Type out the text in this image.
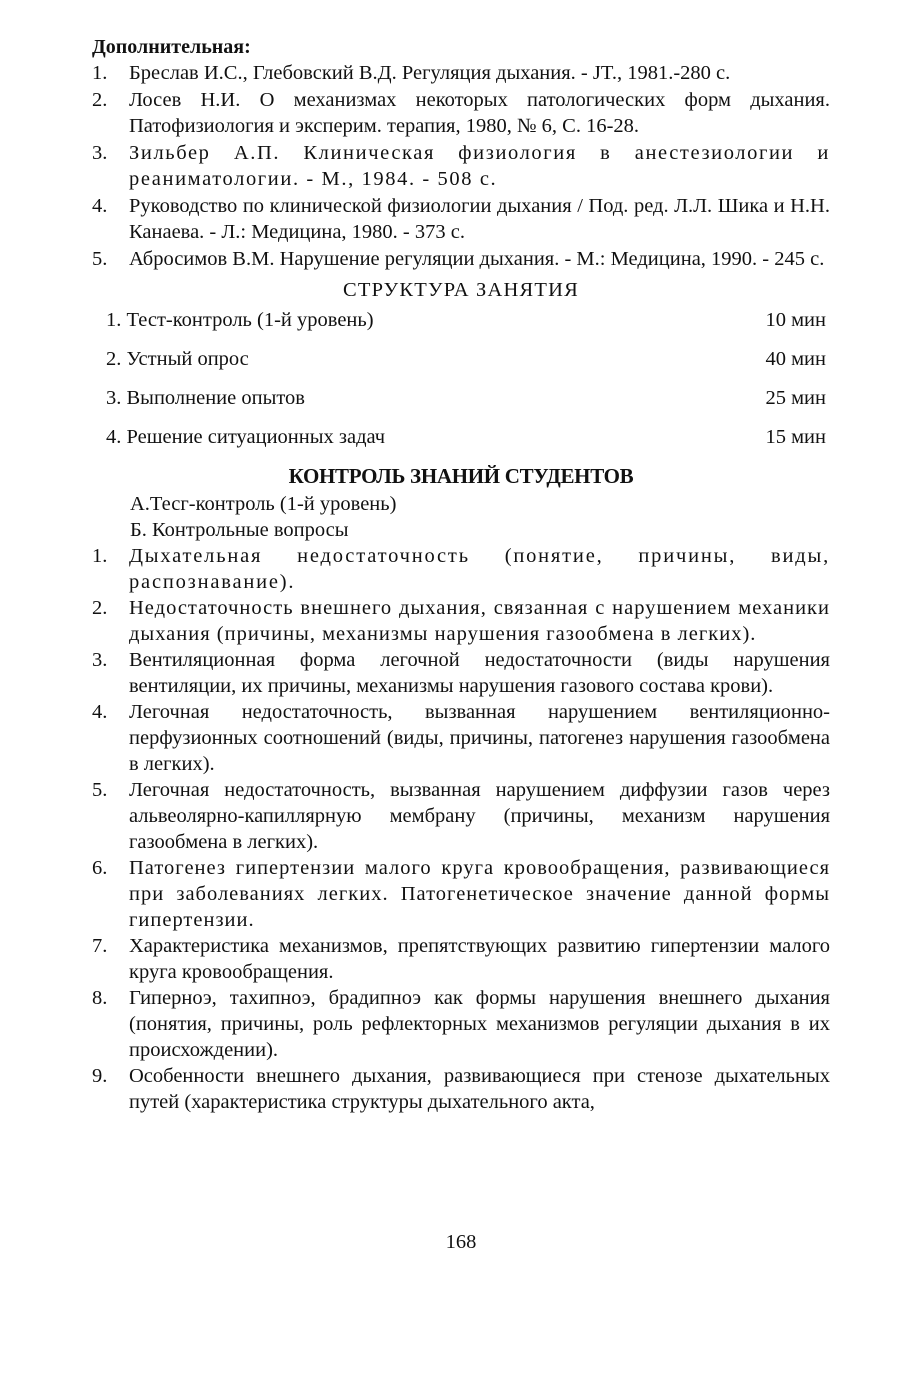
Дополнительная:

1.	Бреслав И.С., Глебовский В.Д. Регуляция дыхания. - JT., 1981.-280 с.
2.	Лосев Н.И. О механизмах некоторых патологических форм дыхания. Патофизиология и эксперим. терапия, 1980, № 6, С. 16-28.
3.	Зильбер А.П. Клиническая физиология в анестезиологии и реаниматологии. - М., 1984. - 508 с.
4.	Руководство по клинической физиологии дыхания / Под. ред. Л.Л. Шика и Н.Н. Канаева. - Л.: Медицина, 1980. - 373 с.
5.	Абросимов В.М. Нарушение регуляции дыхания. - М.: Медицина, 1990. - 245 с.
СТРУКТУРА ЗАНЯТИЯ
1. Тест-контроль (1-й уровень)	10 мин
2. Устный опрос	40 мин
3. Выполнение опытов	25 мин
4. Решение ситуационных задач	15 мин
КОНТРОЛЬ ЗНАНИЙ СТУДЕНТОВ

А.Тесг-контроль (1-й уровень)

Б. Контрольные вопросы

1.	Дыхательная недостаточность (понятие, причины, виды, распознавание).
2.	Недостаточность внешнего дыхания, связанная с нарушением механики дыхания (причины, механизмы нарушения газообмена в легких).
3.	Вентиляционная форма легочной недостаточности (виды нарушения вентиляции, их причины, механизмы нарушения газового состава крови).
4.	Легочная недостаточность, вызванная нарушением вентиляционно-перфузионных соотношений (виды, причины, патогенез нарушения газообмена в легких).
5.	Легочная недостаточность, вызванная нарушением диффузии газов через альвеолярно-капиллярную мембрану (причины, механизм нарушения газообмена в легких).
6.	Патогенез гипертензии малого круга кровообращения, развивающиеся при заболеваниях легких. Патогенетическое значение данной формы гипертензии.
7.	Характеристика механизмов, препятствующих развитию гипертензии малого круга кровообращения.
8.	Гиперноэ, тахипноэ, брадипноэ как формы нарушения внешнего дыхания (понятия, причины, роль рефлекторных механизмов регуляции дыхания в их происхождении).
9.	Особенности внешнего дыхания, развивающиеся при стенозе дыхательных путей (характеристика структуры дыхательного акта,
168
